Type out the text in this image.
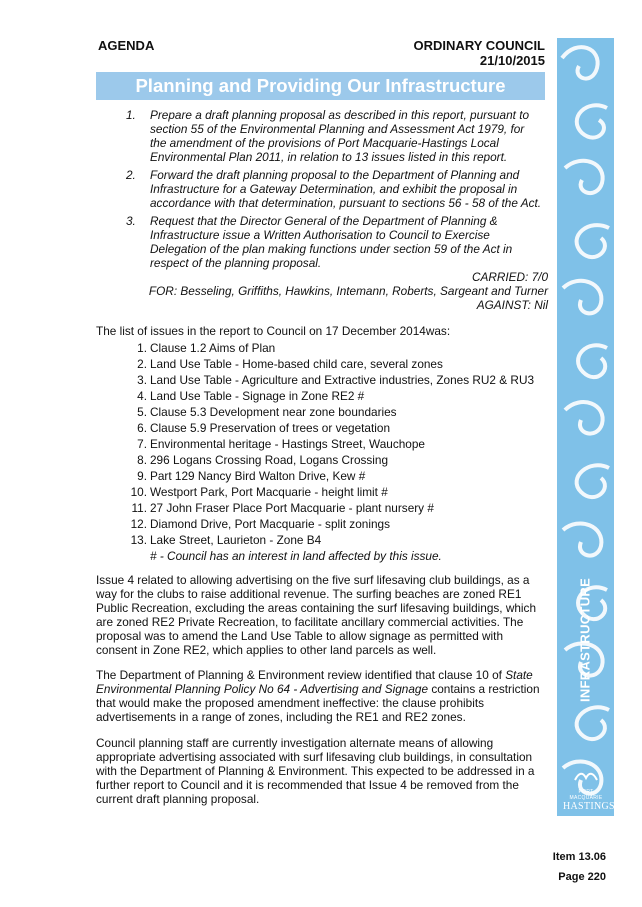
AGENDA	ORDINARY COUNCIL
21/10/2015
Planning and Providing Our Infrastructure
INFRASTRUCTURE
PORT MACQUARIE
HASTINGS
1. Prepare a draft planning proposal as described in this report, pursuant to
section 55 of the Environmental Planning and Assessment Act 1979, for
the amendment of the provisions of Port Macquarie-Hastings Local
Environmental Plan 2011, in relation to 13 issues listed in this report.
2. Forward the draft planning proposal to the Department of Planning and
Infrastructure for a Gateway Determination, and exhibit the proposal in
accordance with that determination, pursuant to sections 56 - 58 of the Act.
3. Request that the Director General of the Department of Planning &
Infrastructure issue a Written Authorisation to Council to Exercise
Delegation of the plan making functions under section 59 of the Act in
respect of the planning proposal.
CARRIED: 7/0
FOR: Besseling, Griffiths, Hawkins, Intemann, Roberts, Sargeant and Turner
AGAINST: Nil
The list of issues in the report to Council on 17 December 2014was:
1. Clause 1.2 Aims of Plan
2. Land Use Table - Home-based child care, several zones
3. Land Use Table - Agriculture and Extractive industries, Zones RU2 & RU3
4. Land Use Table - Signage in Zone RE2 #
5. Clause 5.3 Development near zone boundaries
6. Clause 5.9 Preservation of trees or vegetation
7. Environmental heritage - Hastings Street, Wauchope
8. 296 Logans Crossing Road, Logans Crossing
9. Part 129 Nancy Bird Walton Drive, Kew #
10. Westport Park, Port Macquarie - height limit #
11. 27 John Fraser Place Port Macquarie - plant nursery #
12. Diamond Drive, Port Macquarie - split zonings
13. Lake Street, Laurieton - Zone B4
# - Council has an interest in land affected by this issue.
Issue 4 related to allowing advertising on the five surf lifesaving club buildings, as a
way for the clubs to raise additional revenue. The surfing beaches are zoned RE1
Public Recreation, excluding the areas containing the surf lifesaving buildings, which
are zoned RE2 Private Recreation, to facilitate ancillary commercial activities. The
proposal was to amend the Land Use Table to allow signage as permitted with
consent in Zone RE2, which applies to other land parcels as well.
The Department of Planning & Environment review identified that clause 10 of State
Environmental Planning Policy No 64 - Advertising and Signage contains a restriction
that would make the proposed amendment ineffective: the clause prohibits
advertisements in a range of zones, including the RE1 and RE2 zones.
Council planning staff are currently investigation alternate means of allowing
appropriate advertising associated with surf lifesaving club buildings, in consultation
with the Department of Planning & Environment. This expected to be addressed in a
further report to Council and it is recommended that Issue 4 be removed from the
current draft planning proposal.
Item 13.06
Page 220
